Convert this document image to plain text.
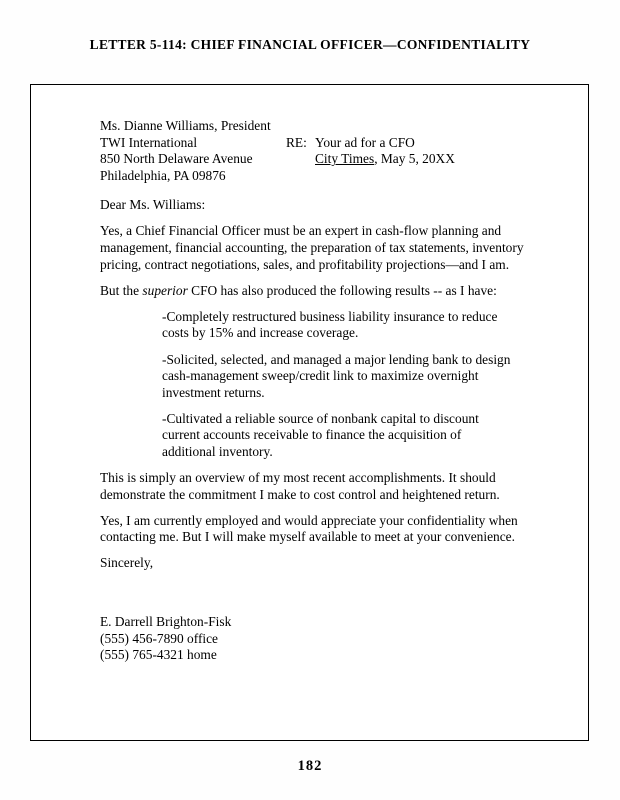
LETTER 5-114: CHIEF FINANCIAL OFFICER—CONFIDENTIALITY
Ms. Dianne Williams, President
TWI International
850 North Delaware Avenue
Philadelphia, PA 09876
RE: Your ad for a CFO
City Times, May 5, 20XX

Dear Ms. Williams:

Yes, a Chief Financial Officer must be an expert in cash-flow planning and management, financial accounting, the preparation of tax statements, inventory pricing, contract negotiations, sales, and profitability projections—and I am.

But the superior CFO has also produced the following results -- as I have:

-Completely restructured business liability insurance to reduce costs by 15% and increase coverage.

-Solicited, selected, and managed a major lending bank to design cash-management sweep/credit link to maximize overnight investment returns.

-Cultivated a reliable source of nonbank capital to discount current accounts receivable to finance the acquisition of additional inventory.

This is simply an overview of my most recent accomplishments. It should demonstrate the commitment I make to cost control and heightened return.

Yes, I am currently employed and would appreciate your confidentiality when contacting me. But I will make myself available to meet at your convenience.

Sincerely,

E. Darrell Brighton-Fisk
(555) 456-7890 office
(555) 765-4321 home
182
